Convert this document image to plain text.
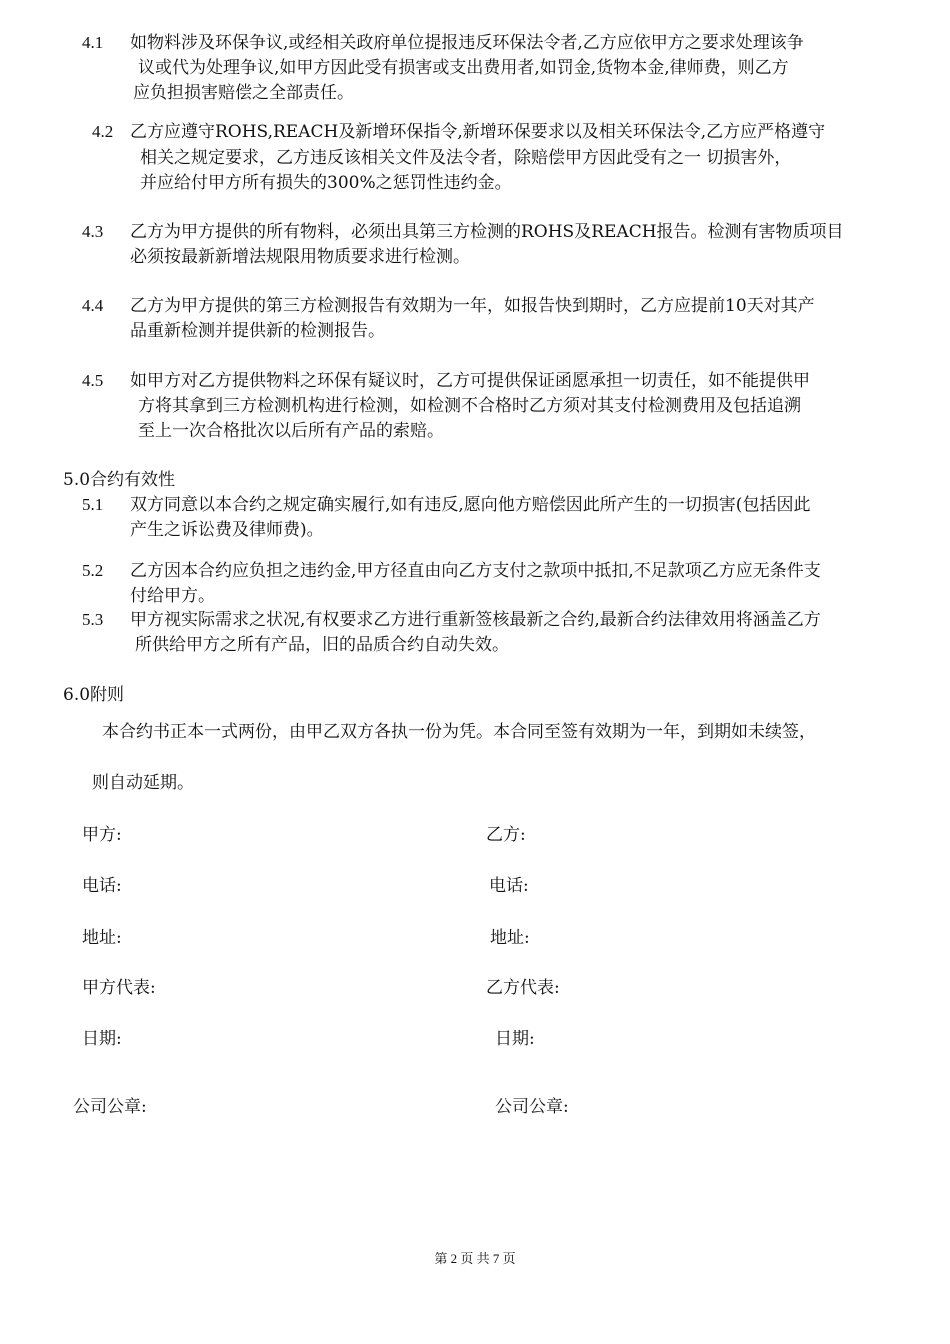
4.1 如物料涉及环保争议,或经相关政府单位提报违反环保法令者,乙方应依甲方之要求处理该争
议或代为处理争议,如甲方因此受有损害或支出费用者,如罚金,货物本金,律师费，则乙方
应负担损害赔偿之全部责任。
4.2 乙方应遵守ROHS,REACH及新增环保指令,新增环保要求以及相关环保法令,乙方应严格遵守
相关之规定要求，乙方违反该相关文件及法令者，除赔偿甲方因此受有之一 切损害外，
并应给付甲方所有损失的300%之惩罚性违约金。
4.3 乙方为甲方提供的所有物料，必须出具第三方检测的ROHS及REACH报告。检测有害物质项目
必须按最新新增法规限用物质要求进行检测。
4.4 乙方为甲方提供的第三方检测报告有效期为一年，如报告快到期时，乙方应提前10天对其产
品重新检测并提供新的检测报告。
4.5 如甲方对乙方提供物料之环保有疑议时，乙方可提供保证函愿承担一切责任，如不能提供甲
方将其拿到三方检测机构进行检测，如检测不合格时乙方须对其支付检测费用及包括追溯
至上一次合格批次以后所有产品的索赔。
5.0合约有效性
5.1 双方同意以本合约之规定确实履行,如有违反,愿向他方赔偿因此所产生的一切损害(包括因此
产生之诉讼费及律师费)。
5.2 乙方因本合约应负担之违约金,甲方径直由向乙方支付之款项中抵扣,不足款项乙方应无条件支
付给甲方。
5.3 甲方视实际需求之状况,有权要求乙方进行重新签核最新之合约,最新合约法律效用将涵盖乙方
所供给甲方之所有产品，旧的品质合约自动失效。
6.0附则
本合约书正本一式两份，由甲乙双方各执一份为凭。本合同至签有效期为一年，到期如未续签，
则自动延期。
甲方:	乙方:
电话:	电话:
地址:	地址:
甲方代表:	乙方代表:
日期:	日期:
公司公章:	公司公章:
第 2 页 共 7 页
